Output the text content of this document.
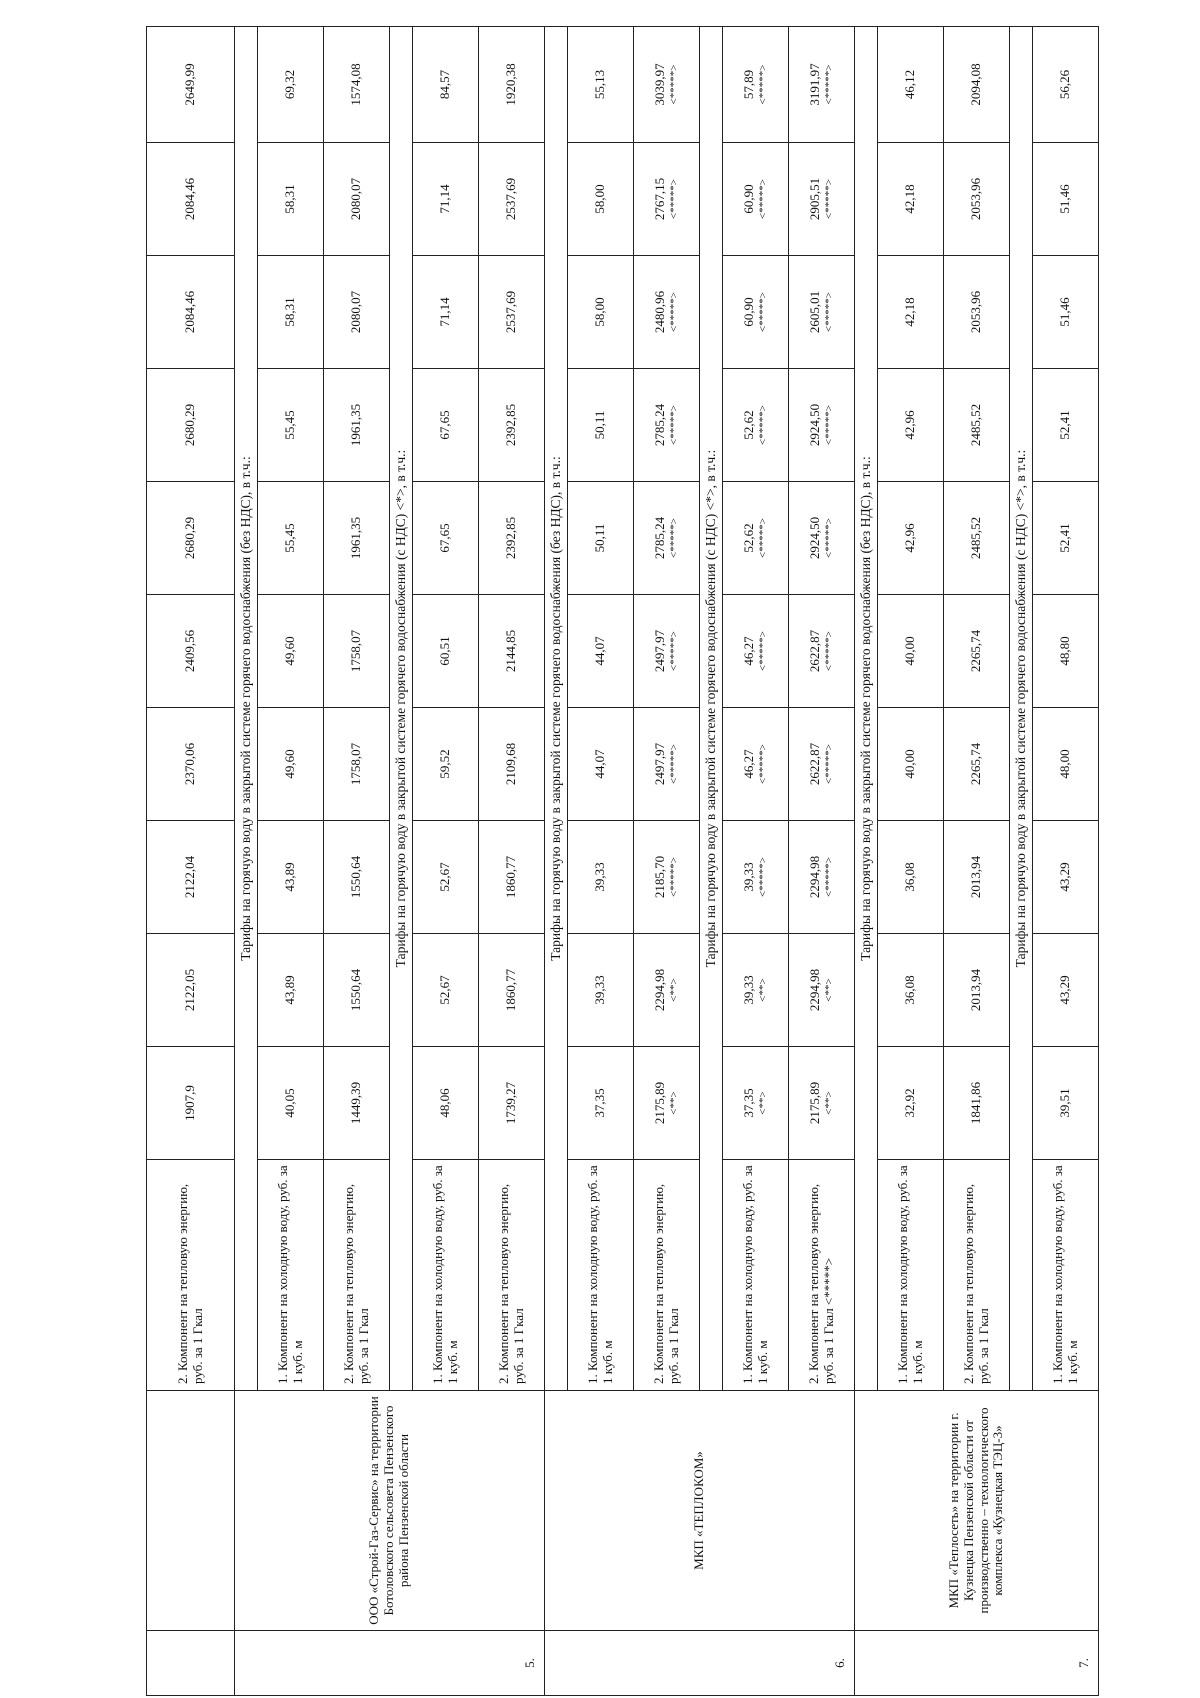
		2. Компонент на тепловую энергию, руб. за 1 Гкал	1907,9	2122,05	2122,04	2370,06	2409,56	2680,29	2680,29	2084,46	2084,46	2649,99
5.	ООО «Строй-Газ-Сервис» на территории Ботоловского сельсовета Пензенского района Пензенской области	Тарифы на горячую воду в закрытой системе горячего водоснабжения (без НДС), в т.ч.:										
		1. Компонент на холодную воду, руб. за 1 куб. м	40,05	43,89	43,89	49,60	49,60	55,45	55,45	58,31	58,31	69,32
		2. Компонент на тепловую энергию, руб. за 1 Гкал	1449,39	1550,64	1550,64	1758,07	1758,07	1961,35	1961,35	2080,07	2080,07	1574,08
		Тарифы на горячую воду в закрытой системе горячего водоснабжения (с НДС) <*>, в т.ч.:										
		1. Компонент на холодную воду, руб. за 1 куб. м	48,06	52,67	52,67	59,52	60,51	67,65	67,65	71,14	71,14	84,57
		2. Компонент на тепловую энергию, руб. за 1 Гкал	1739,27	1860,77	1860,77	2109,68	2144,85	2392,85	2392,85	2537,69	2537,69	1920,38
6.	МКП «ТЕПЛОКОМ»	Тарифы на горячую воду в закрытой системе горячего водоснабжения (без НДС), в т.ч.:										
		1. Компонент на холодную воду, руб. за 1 куб. м	37,35	39,33	39,33	44,07	44,07	50,11	50,11	58,00	58,00	55,13
		2. Компонент на тепловую энергию, руб. за 1 Гкал	2175,89 <**>	2294,98 <**>	2185,70 <*****>	2497,97 <*****>	2497,97 <*****>	2785,24 <*****>	2785,24 <*****>	2480,96 <*****>	2767,15 <*****>	3039,97 <*****>

		Тарифы на горячую воду в закрытой системе горячего водоснабжения (с НДС) <*>, в т.ч.:										
		1. Компонент на холодную воду, руб. за 1 куб. м	37,35 <**>	39,33 <**>	39,33 <*****>	46,27 <*****>	46,27 <*****>	52,62 <*****>	52,62 <*****>	60,90 <*****>	60,90 <*****>	57,89 <*****>

		2. Компонент на тепловую энергию, руб. за 1 Гкал <*****>	2175,89 <**>	2294,98 <**>	2294,98 <*****>	2622,87 <*****>	2622,87 <*****>	2924,50 <*****>	2924,50 <*****>	2605,01 <*****>	2905,51 <*****>	3191,97 <*****>

7.	МКП «Теплосеть» на территории г. Кузнецка Пензенской области от производственно – технологического комплекса «Кузнецкая ТЭЦ-3»	Тарифы на горячую воду в закрытой системе горячего водоснабжения (без НДС), в т.ч.:										
		1. Компонент на холодную воду, руб. за 1 куб. м	32,92	36,08	36,08	40,00	40,00	42,96	42,96	42,18	42,18	46,12
		2. Компонент на тепловую энергию, руб. за 1 Гкал	1841,86	2013,94	2013,94	2265,74	2265,74	2485,52	2485,52	2053,96	2053,96	2094,08
		Тарифы на горячую воду в закрытой системе горячего водоснабжения (с НДС) <*>, в т.ч.:										
		1. Компонент на холодную воду, руб. за 1 куб. м	39,51	43,29	43,29	48,00	48,80	52,41	52,41	51,46	51,46	56,26
